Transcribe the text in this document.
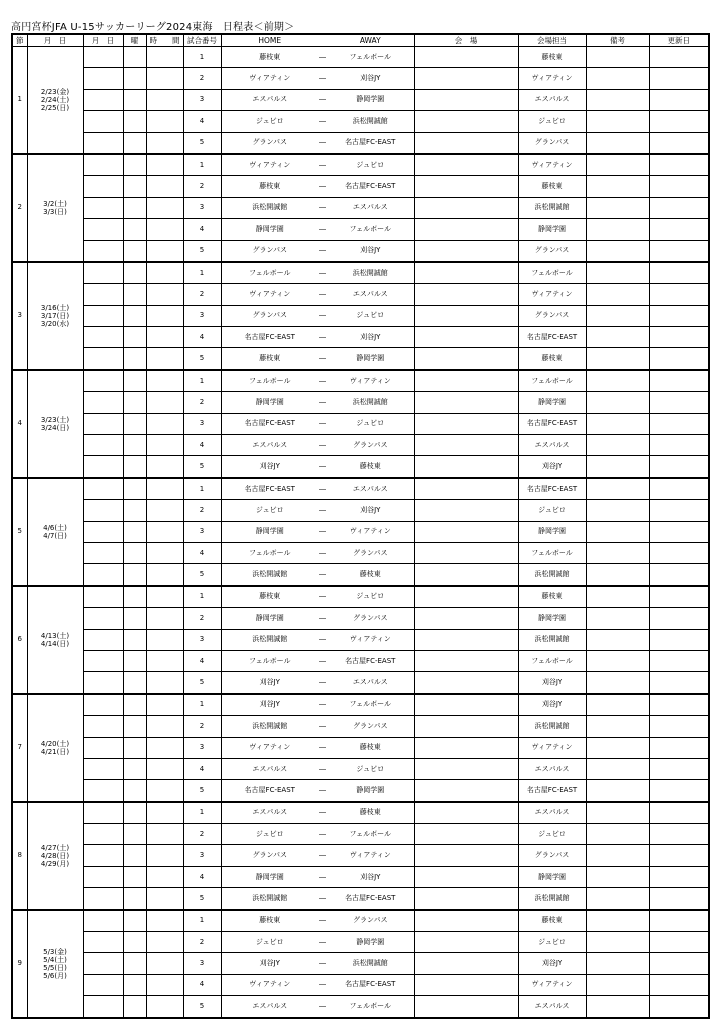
高円宮杯JFA U-15サッカーリーグ2024東海　日程表＜前期＞
節	月　日	月　日	曜	時　　間	試合番号	HOME		AWAY	会　場	会場担当	備考	更新日
1	2/23(金)
2/24(土)
2/25(日)				1	藤枝東	―	フェルボール		藤枝東		
					2	ヴィアティン	―	刈谷JY		ヴィアティン		
					3	エスパルス	―	静岡学園		エスパルス		
					4	ジュビロ	―	浜松開誠館		ジュビロ		
					5	グランパス	―	名古屋FC-EAST		グランパス		
2	3/2(土)
3/3(日)				1	ヴィアティン	―	ジュビロ		ヴィアティン		
					2	藤枝東	―	名古屋FC-EAST		藤枝東		
					3	浜松開誠館	―	エスパルス		浜松開誠館		
					4	静岡学園	―	フェルボール		静岡学園		
					5	グランパス	―	刈谷JY		グランパス		
3	3/16(土)
3/17(日)
3/20(水)				1	フェルボール	―	浜松開誠館		フェルボール		
					2	ヴィアティン	―	エスパルス		ヴィアティン		
					3	グランパス	―	ジュビロ		グランパス		
					4	名古屋FC-EAST	―	刈谷JY		名古屋FC-EAST		
					5	藤枝東	―	静岡学園		藤枝東		
4	3/23(土)
3/24(日)				1	フェルボール	―	ヴィアティン		フェルボール		
					2	静岡学園	―	浜松開誠館		静岡学園		
					3	名古屋FC-EAST	―	ジュビロ		名古屋FC-EAST		
					4	エスパルス	―	グランパス		エスパルス		
					5	刈谷JY	―	藤枝東		刈谷JY		
5	4/6(土)
4/7(日)				1	名古屋FC-EAST	―	エスパルス		名古屋FC-EAST		
					2	ジュビロ	―	刈谷JY		ジュビロ		
					3	静岡学園	―	ヴィアティン		静岡学園		
					4	フェルボール	―	グランパス		フェルボール		
					5	浜松開誠館	―	藤枝東		浜松開誠館		
6	4/13(土)
4/14(日)				1	藤枝東	―	ジュビロ		藤枝東		
					2	静岡学園	―	グランパス		静岡学園		
					3	浜松開誠館	―	ヴィアティン		浜松開誠館		
					4	フェルボール	―	名古屋FC-EAST		フェルボール		
					5	刈谷JY	―	エスパルス		刈谷JY		
7	4/20(土)
4/21(日)				1	刈谷JY	―	フェルボール		刈谷JY		
					2	浜松開誠館	―	グランパス		浜松開誠館		
					3	ヴィアティン	―	藤枝東		ヴィアティン		
					4	エスパルス	―	ジュビロ		エスパルス		
					5	名古屋FC-EAST	―	静岡学園		名古屋FC-EAST		
8	4/27(土)
4/28(日)
4/29(月)				1	エスパルス	―	藤枝東		エスパルス		
					2	ジュビロ	―	フェルボール		ジュビロ		
					3	グランパス	―	ヴィアティン		グランパス		
					4	静岡学園	―	刈谷JY		静岡学園		
					5	浜松開誠館	―	名古屋FC-EAST		浜松開誠館		
9	5/3(金)
5/4(土)
5/5(日)
5/6(月)				1	藤枝東	―	グランパス		藤枝東		
					2	ジュビロ	―	静岡学園		ジュビロ		
					3	刈谷JY	―	浜松開誠館		刈谷JY		
					4	ヴィアティン	―	名古屋FC-EAST		ヴィアティン		
					5	エスパルス	―	フェルボール		エスパルス		
